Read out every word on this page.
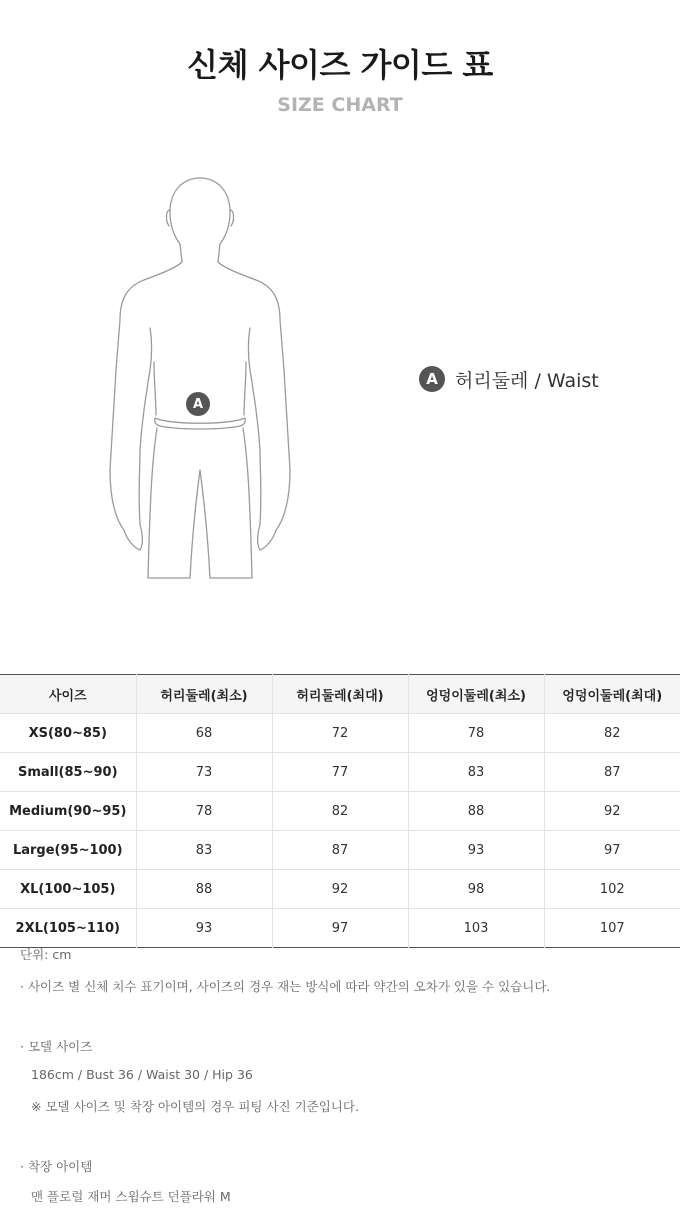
신체 사이즈 가이드 표
SIZE CHART
A
A 허리둘레 / Waist
사이즈	허리둘레(최소)	허리둘레(최대)	엉덩이둘레(최소)	엉덩이둘레(최대)
XS(80~85)	68	72	78	82
Small(85~90)	73	77	83	87
Medium(90~95)	78	82	88	92
Large(95~100)	83	87	93	97
XL(100~105)	88	92	98	102
2XL(105~110)	93	97	103	107
단위: cm
· 사이즈 별 신체 치수 표기이며, 사이즈의 경우 재는 방식에 따라 약간의 오차가 있을 수 있습니다.
· 모델 사이즈
186cm / Bust 36 / Waist 30 / Hip 36
※ 모델 사이즈 및 착장 아이템의 경우 피팅 사진 기준입니다.
· 착장 아이템
맨 플로럴 재머 스윔슈트 던플라워 M
